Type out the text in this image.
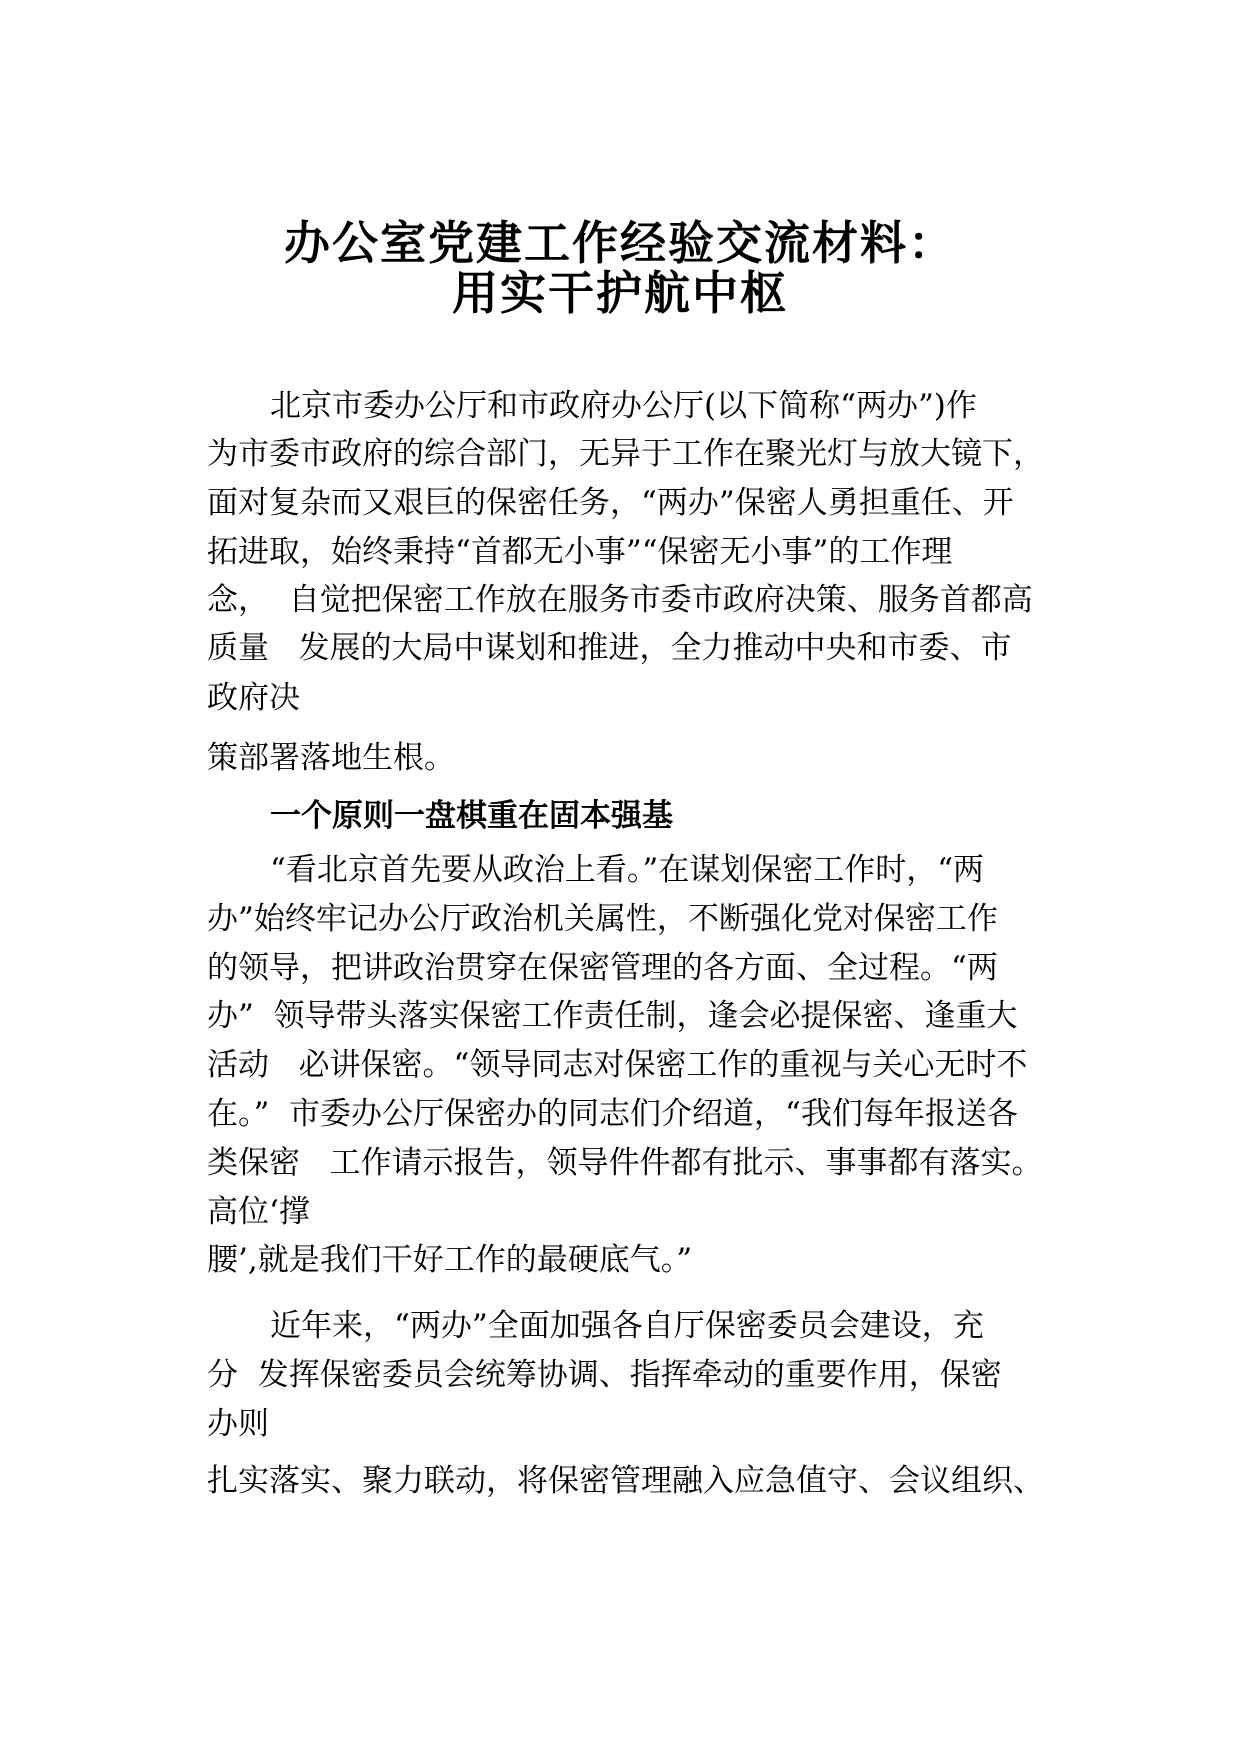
办公室党建工作经验交流材料：
用实干护航中枢
北京市委办公厅和市政府办公厅(以下简称“两办”)作
为市委市政府的综合部门，无异于工作在聚光灯与放大镜下，
面对复杂而又艰巨的保密任务，“两办”保密人勇担重任、开
拓进取，始终秉持“首都无小事”“保密无小事”的工作理
念，  自觉把保密工作放在服务市委市政府决策、服务首都高
质量   发展的大局中谋划和推进，全力推动中央和市委、市
政府决
策部署落地生根。
一个原则一盘棋重在固本强基
“看北京首先要从政治上看。”在谋划保密工作时，“两
办”始终牢记办公厅政治机关属性，不断强化党对保密工作
的领导，把讲政治贯穿在保密管理的各方面、全过程。“两
办”  领导带头落实保密工作责任制，逢会必提保密、逢重大
活动   必讲保密。“领导同志对保密工作的重视与关心无时不
在。”  市委办公厅保密办的同志们介绍道，“我们每年报送各
类保密   工作请示报告，领导件件都有批示、事事都有落实。
高位‘撑
腰’,就是我们干好工作的最硬底气。”
近年来，“两办”全面加强各自厅保密委员会建设，充
分  发挥保密委员会统筹协调、指挥牵动的重要作用，保密
办则
扎实落实、聚力联动，将保密管理融入应急值守、会议组织、
